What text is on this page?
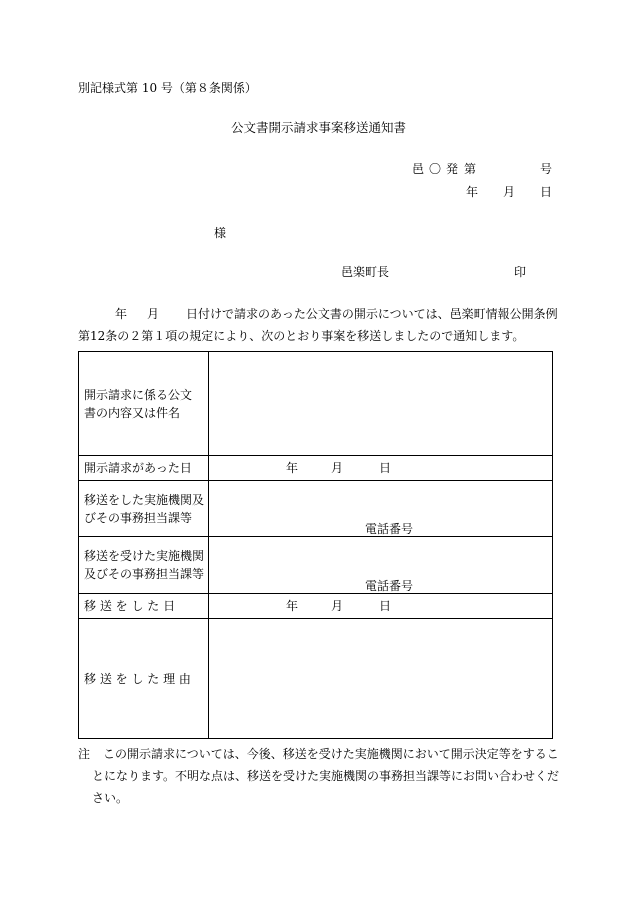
別記様式第 10 号（第８条関係）
公文書開示請求事案移送通知書
邑 〇 発 第	号
年 月 日
様
邑楽町長	印
年 月 日付けで請求のあった公文書の開示については、邑楽町情報公開条例
第12条の２第１項の規定により、次のとおり事案を移送しましたので通知します。
開示請求に係る公文
書の内容又は件名	

開示請求があった日	年 月 日

移送をした実施機関及
びその事務担当課等	電話番号

移送を受けた実施機関
及びその事務担当課等	電話番号

移 送 を し た 日	年 月 日

移 送 を し た 理 由	
注 この開示請求については、今後、移送を受けた実施機関において開示決定等をするこ
とになります。不明な点は、移送を受けた実施機関の事務担当課等にお問い合わせくだ
さい。
